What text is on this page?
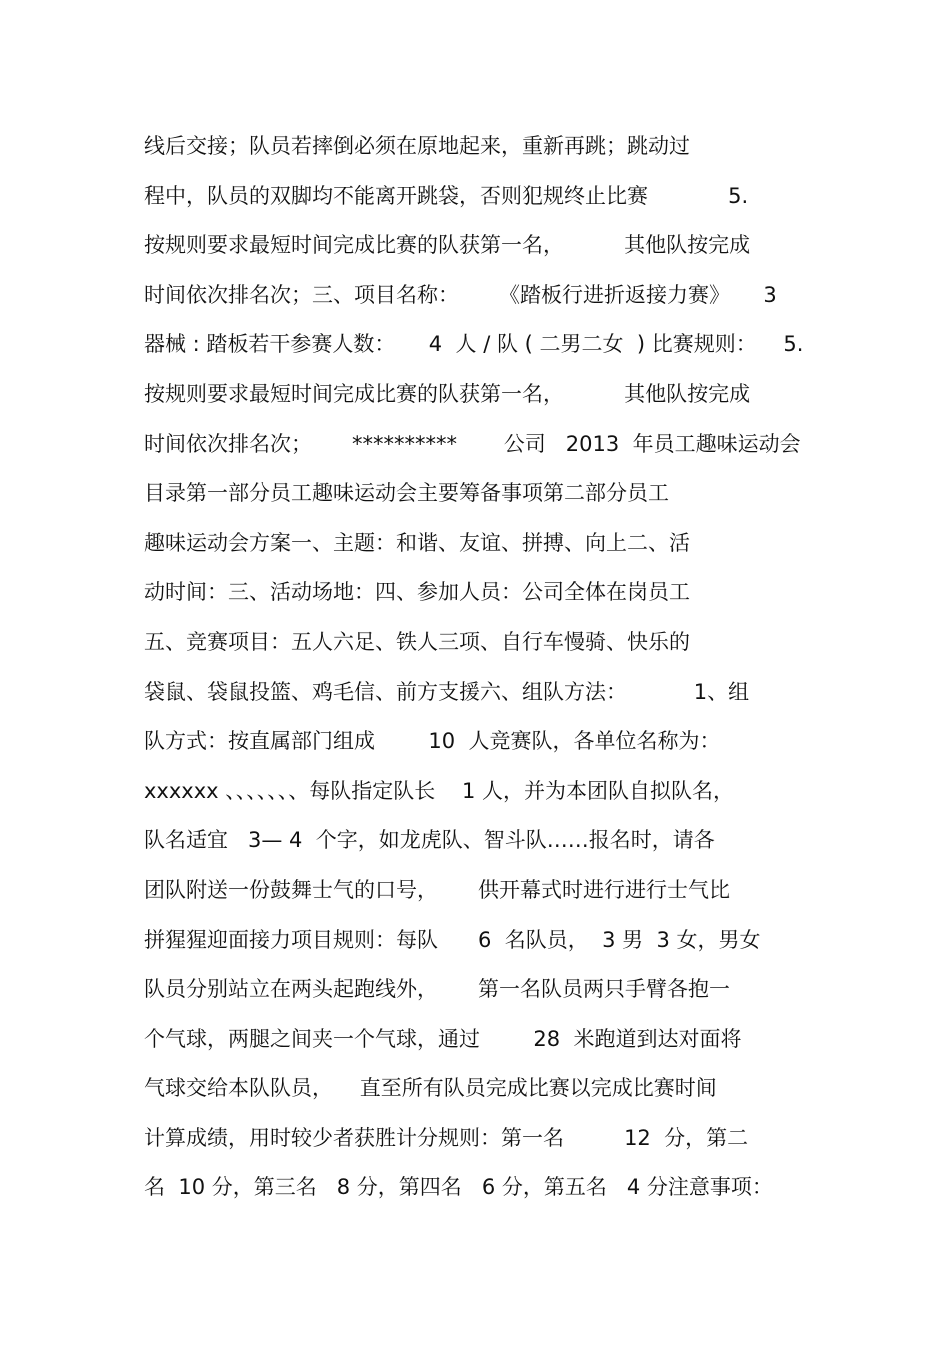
线后交接；队员若摔倒必须在原地起来，重新再跳；跳动过
程中，队员的双脚均不能离开跳袋，否则犯规终止比赛            5.
按规则要求最短时间完成比赛的队获第一名，         其他队按完成
时间依次排名次；三、项目名称：      《踏板行进折返接力赛》     3
器械 : 踏板若干参赛人数：     4  人 / 队 ( 二男二女  ) 比赛规则：    5.
按规则要求最短时间完成比赛的队获第一名，         其他队按完成
时间依次排名次；      **********       公司   2013  年员工趣味运动会
目录第一部分员工趣味运动会主要筹备事项第二部分员工
趣味运动会方案一、主题：和谐、友谊、拼搏、向上二、活
动时间：三、活动场地：四、参加人员：公司全体在岗员工
五、竞赛项目：五人六足、铁人三项、自行车慢骑、快乐的
袋鼠、袋鼠投篮、鸡毛信、前方支援六、组队方法：          1、组
队方式：按直属部门组成        10  人竞赛队，各单位名称为：
xxxxxx 、、、、、、、每队指定队长    1 人，并为本团队自拟队名，
队名适宜   3— 4  个字，如龙虎队、智斗队……报名时，请各
团队附送一份鼓舞士气的口号，      供开幕式时进行进行士气比
拼猩猩迎面接力项目规则：每队      6  名队员，  3 男  3 女，男女
队员分别站立在两头起跑线外，      第一名队员两只手臂各抱一
个气球，两腿之间夹一个气球，通过        28  米跑道到达对面将
气球交给本队队员，    直至所有队员完成比赛以完成比赛时间
计算成绩，用时较少者获胜计分规则：第一名         12  分，第二
名  10 分，第三名   8 分，第四名   6 分，第五名   4 分注意事项：
